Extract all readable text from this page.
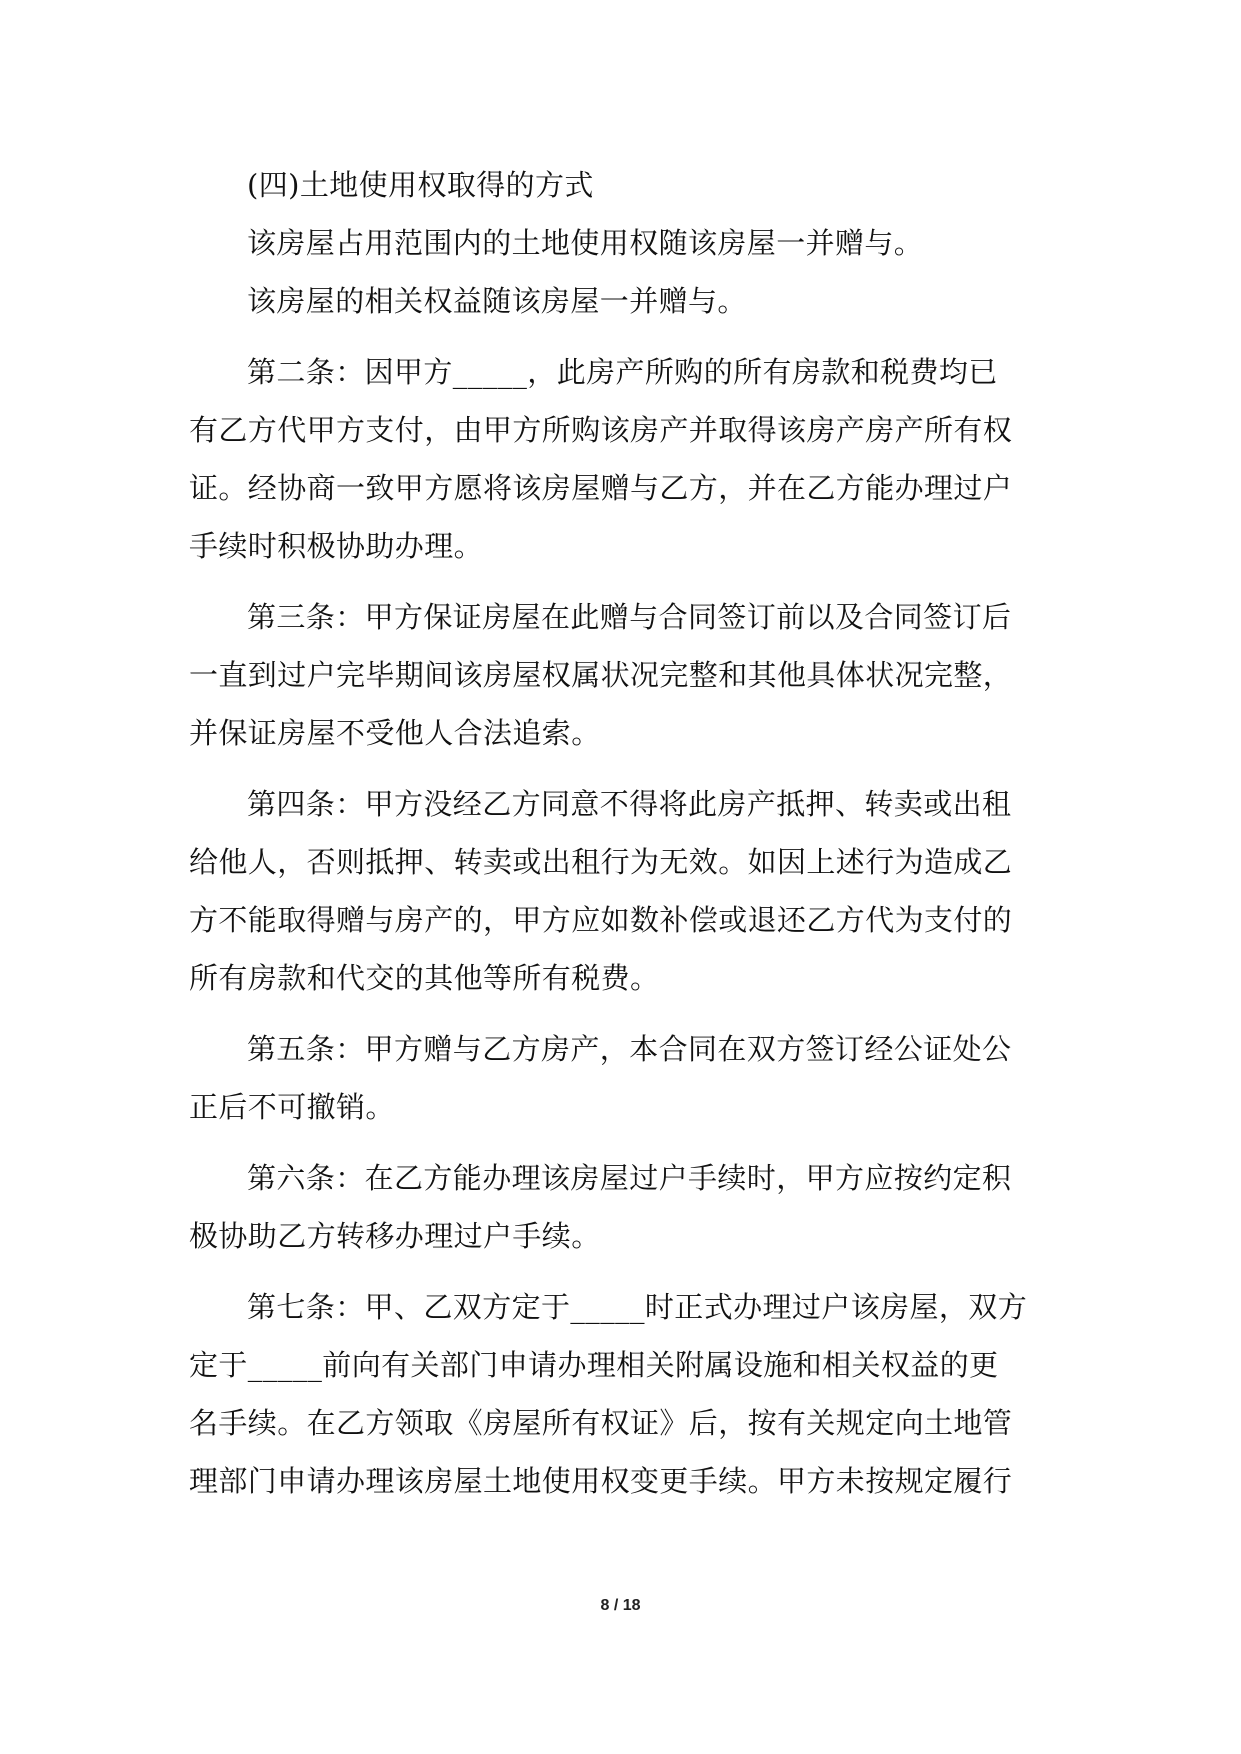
(四)土地使用权取得的方式
该房屋占用范围内的土地使用权随该房屋一并赠与。
该房屋的相关权益随该房屋一并赠与。
第二条：因甲方_____，此房产所购的所有房款和税费均已
有乙方代甲方支付，由甲方所购该房产并取得该房产房产所有权
证。经协商一致甲方愿将该房屋赠与乙方，并在乙方能办理过户
手续时积极协助办理。
第三条：甲方保证房屋在此赠与合同签订前以及合同签订后
一直到过户完毕期间该房屋权属状况完整和其他具体状况完整，
并保证房屋不受他人合法追索。
第四条：甲方没经乙方同意不得将此房产抵押、转卖或出租
给他人，否则抵押、转卖或出租行为无效。如因上述行为造成乙
方不能取得赠与房产的，甲方应如数补偿或退还乙方代为支付的
所有房款和代交的其他等所有税费。
第五条：甲方赠与乙方房产，本合同在双方签订经公证处公
正后不可撤销。
第六条：在乙方能办理该房屋过户手续时，甲方应按约定积
极协助乙方转移办理过户手续。
第七条：甲、乙双方定于_____时正式办理过户该房屋，双方
定于_____前向有关部门申请办理相关附属设施和相关权益的更
名手续。在乙方领取《房屋所有权证》后，按有关规定向土地管
理部门申请办理该房屋土地使用权变更手续。甲方未按规定履行
8 / 18
